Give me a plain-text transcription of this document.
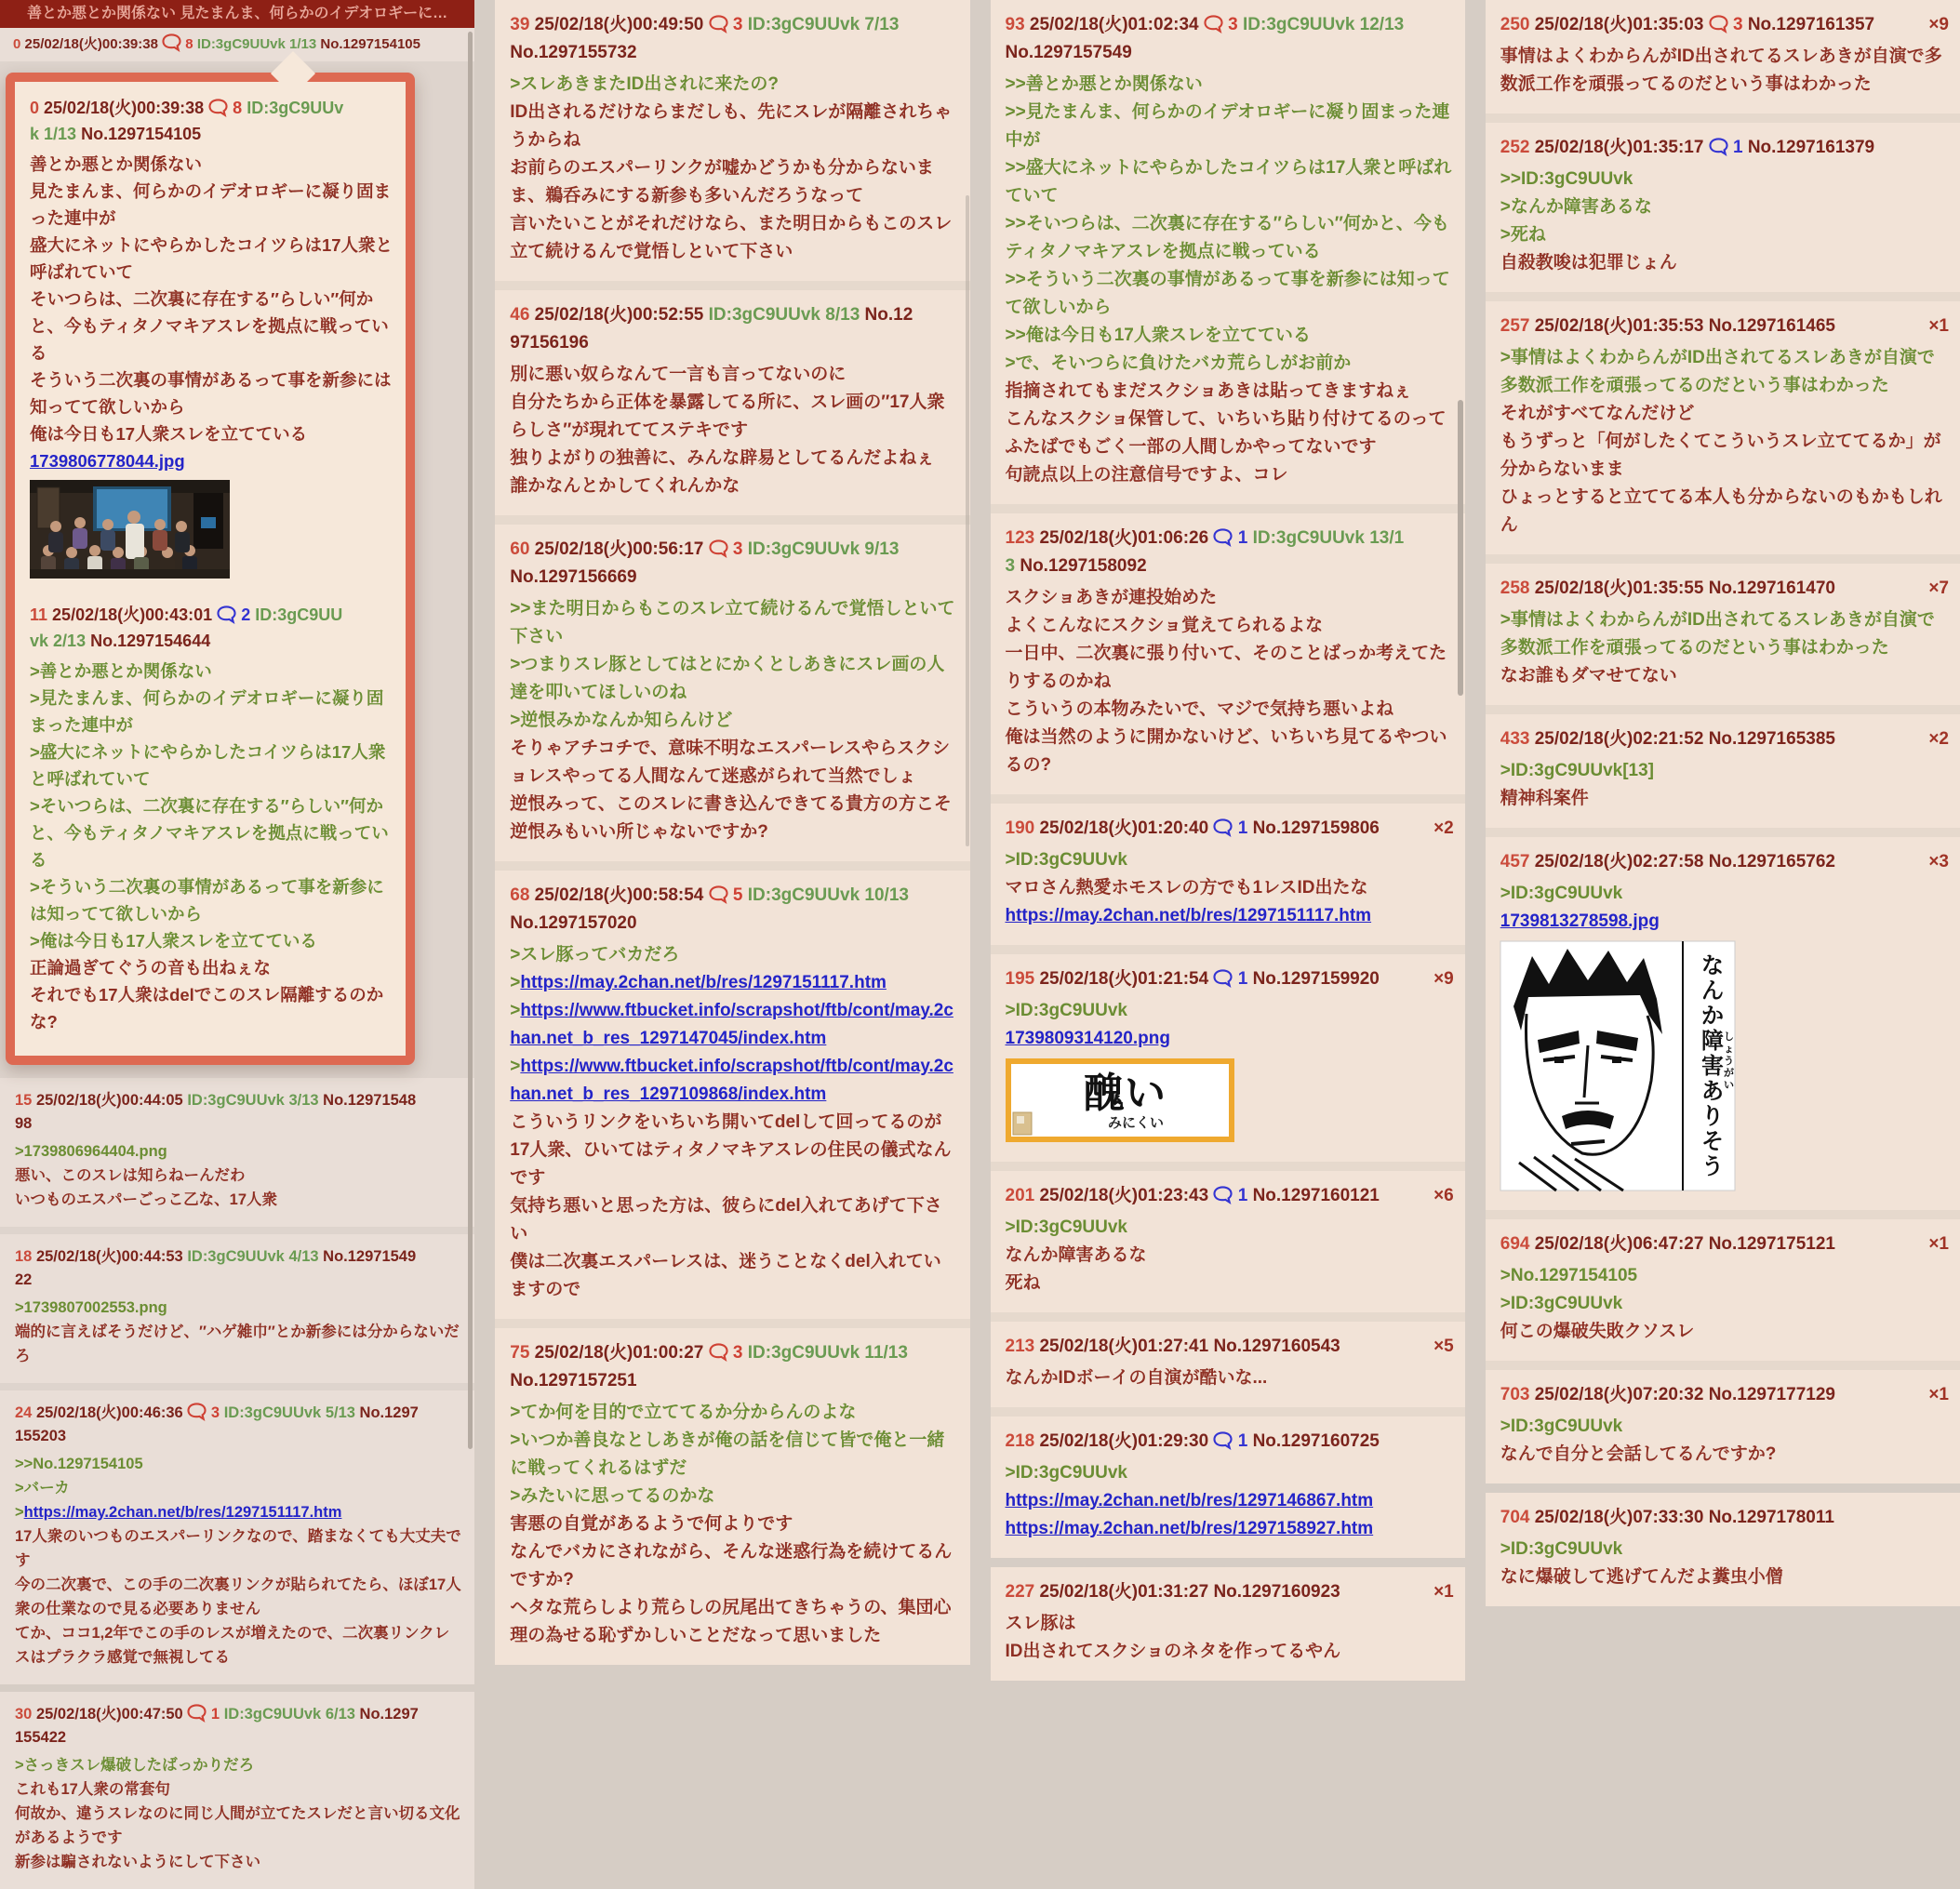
善とか悪とか関係ない 見たまんま、何らかのイデオロギーに…
0 25/02/18(火)00:39:38 8 ID:3gC9UUvk 1/13 No.1297154105
0 25/02/18(火)00:39:38 8 ID:3gC9UUvk 1/13 No.1297154105
善とか悪とか関係ない
見たまんま、何らかのイデオロギーに凝り固まった連中が
盛大にネットにやらかしたコイツらは17人衆と呼ばれていて
そいつらは、二次裏に存在する″らしい″何かと、今もティタノマキアスレを拠点に戦っている
そういう二次裏の事情があるって事を新参には知ってて欲しいから
俺は今日も17人衆スレを立てている
1739806778044.jpg
11 25/02/18(火)00:43:01 2 ID:3gC9UUvk 2/13 No.1297154644
>善とか悪とか関係ない
>見たまんま、何らかのイデオロギーに凝り固まった連中が
>盛大にネットにやらかしたコイツらは17人衆と呼ばれていて
>そいつらは、二次裏に存在する″らしい″何かと、今もティタノマキアスレを拠点に戦っている
>そういう二次裏の事情があるって事を新参には知ってて欲しいから
>俺は今日も17人衆スレを立てている
正論過ぎてぐうの音も出ねぇな
それでも17人衆はdelでこのスレ隔離するのかな?
15 25/02/18(火)00:44:05 ID:3gC9UUvk 3/13 No.1297154898
>1739806964404.png
悪い、このスレは知らねーんだわ
いつものエスパーごっこ乙な、17人衆
18 25/02/18(火)00:44:53 ID:3gC9UUvk 4/13 No.1297154922
>1739807002553.png
端的に言えばそうだけど、″ハゲ雑巾″とか新参には分からないだろ
24 25/02/18(火)00:46:36 3 ID:3gC9UUvk 5/13 No.1297155203
>>No.1297154105
>バーカ
>https://may.2chan.net/b/res/1297151117.htm
17人衆のいつものエスパーリンクなので、踏まなくても大丈夫です
今の二次裏で、この手の二次裏リンクが貼られてたら、ほぼ17人衆の仕業なので見る必要ありません
てか、ココ1,2年でこの手のレスが増えたので、二次裏リンクレスはプラクラ感覚で無視してる
30 25/02/18(火)00:47:50 1 ID:3gC9UUvk 6/13 No.1297155422
>さっきスレ爆破したばっかりだろ
これも17人衆の常套句
何故か、違うスレなのに同じ人間が立てたスレだと言い切る文化があるようです
新参は騙されないようにして下さい
39 25/02/18(火)00:49:50 3 ID:3gC9UUvk 7/13 No.1297155732
>スレあきまたID出されに来たの?
ID出されるだけならまだしも、先にスレが隔離されちゃうからね
お前らのエスパーリンクが嘘かどうかも分からないまま、鵜呑みにする新参も多いんだろうなって
言いたいことがそれだけなら、また明日からもこのスレ立て続けるんで覚悟しといて下さい
46 25/02/18(火)00:52:55 ID:3gC9UUvk 8/13 No.1297156196
別に悪い奴らなんて一言も言ってないのに
自分たちから正体を暴露してる所に、スレ画の″17人衆らしさ″が現れててステキです
独りよがりの独善に、みんな辟易としてるんだよねぇ
誰かなんとかしてくれんかな
60 25/02/18(火)00:56:17 3 ID:3gC9UUvk 9/13 No.1297156669
>>また明日からもこのスレ立て続けるんで覚悟しといて下さい
>つまりスレ豚としてはとにかくとしあきにスレ画の人達を叩いてほしいのね
>逆恨みかなんか知らんけど
そりゃアチコチで、意味不明なエスパーレスやらスクショレスやってる人間なんて迷惑がられて当然でしょ
逆恨みって、このスレに書き込んできてる貴方の方こそ逆恨みもいい所じゃないですか?
68 25/02/18(火)00:58:54 5 ID:3gC9UUvk 10/13 No.1297157020
>スレ豚ってバカだろ
>https://may.2chan.net/b/res/1297151117.htm
>https://www.ftbucket.info/scrapshot/ftb/cont/may.2chan.net_b_res_1297147045/index.htm
>https://www.ftbucket.info/scrapshot/ftb/cont/may.2chan.net_b_res_1297109868/index.htm
こういうリンクをいちいち開いてdelして回ってるのが17人衆、ひいてはティタノマキアスレの住民の儀式なんです
気持ち悪いと思った方は、彼らにdel入れてあげて下さい
僕は二次裏エスパーレスは、迷うことなくdel入れていますので
75 25/02/18(火)01:00:27 3 ID:3gC9UUvk 11/13 No.1297157251
>てか何を目的で立ててるか分からんのよな
>いつか善良なとしあきが俺の話を信じて皆で俺と一緒に戦ってくれるはずだ
>みたいに思ってるのかな
害悪の自覚があるようで何よりです
なんでバカにされながら、そんな迷惑行為を続けてるんですか?
ヘタな荒らしより荒らしの尻尾出てきちゃうの、集団心理の為せる恥ずかしいことだなって思いました
93 25/02/18(火)01:02:34 3 ID:3gC9UUvk 12/13 No.1297157549
>>善とか悪とか関係ない
>>見たまんま、何らかのイデオロギーに凝り固まった連中が
>>盛大にネットにやらかしたコイツらは17人衆と呼ばれていて
>>そいつらは、二次裏に存在する″らしい″何かと、今もティタノマキアスレを拠点に戦っている
>>そういう二次裏の事情があるって事を新参には知ってて欲しいから
>>俺は今日も17人衆スレを立てている
>で、そいつらに負けたバカ荒らしがお前か
指摘されてもまだスクショあきは貼ってきますねぇ
こんなスクショ保管して、いちいち貼り付けてるのって
ふたばでもごく一部の人間しかやってないです
句読点以上の注意信号ですよ、コレ
123 25/02/18(火)01:06:26 1 ID:3gC9UUvk 13/13 No.1297158092
スクショあきが連投始めた
よくこんなにスクショ覚えてられるよな
一日中、二次裏に張り付いて、そのことばっか考えてたりするのかね
こういうの本物みたいで、マジで気持ち悪いよね
俺は当然のように開かないけど、いちいち見てるやついるの?
190 25/02/18(火)01:20:40 1 No.1297159806	×2
>ID:3gC9UUvk
マロさん熱愛ホモスレの方でも1レスID出たな
https://may.2chan.net/b/res/1297151117.htm
195 25/02/18(火)01:21:54 1 No.1297159920	×9
>ID:3gC9UUvk
1739809314120.png
醜い
みにくい
201 25/02/18(火)01:23:43 1 No.1297160121	×6
>ID:3gC9UUvk
なんか障害あるな
死ね
213 25/02/18(火)01:27:41 No.1297160543	×5
なんかIDボーイの自演が酷いな...
218 25/02/18(火)01:29:30 1 No.1297160725
>ID:3gC9UUvk
https://may.2chan.net/b/res/1297146867.htm
https://may.2chan.net/b/res/1297158927.htm
227 25/02/18(火)01:31:27 No.1297160923	×1
スレ豚は
ID出されてスクショのネタを作ってるやん
250 25/02/18(火)01:35:03 3 No.1297161357	×9
事情はよくわからんがID出されてるスレあきが自演で多数派工作を頑張ってるのだという事はわかった
252 25/02/18(火)01:35:17 1 No.1297161379
>>ID:3gC9UUvk
>なんか障害あるな
>死ね
自殺教唆は犯罪じょん
257 25/02/18(火)01:35:53 No.1297161465	×1
>事情はよくわからんがID出されてるスレあきが自演で多数派工作を頑張ってるのだという事はわかった
それがすべてなんだけど
もうずっと「何がしたくてこういうスレ立ててるか」が分からないまま
ひょっとすると立ててる本人も分からないのもかもしれん
258 25/02/18(火)01:35:55 No.1297161470	×7
>事情はよくわからんがID出されてるスレあきが自演で多数派工作を頑張ってるのだという事はわかった
なお誰もダマせてない
433 25/02/18(火)02:21:52 No.1297165385	×2
>ID:3gC9UUvk[13]
精神科案件
457 25/02/18(火)02:27:58 No.1297165762	×3
>ID:3gC9UUvk
1739813278598.jpg
なんか障害ありそう
しょうがい
694 25/02/18(火)06:47:27 No.1297175121	×1
>No.1297154105
>ID:3gC9UUvk
何この爆破失敗クソスレ
703 25/02/18(火)07:20:32 No.1297177129	×1
>ID:3gC9UUvk
なんで自分と会話してるんですか?
704 25/02/18(火)07:33:30 No.1297178011
>ID:3gC9UUvk
なに爆破して逃げてんだよ糞虫小僧
